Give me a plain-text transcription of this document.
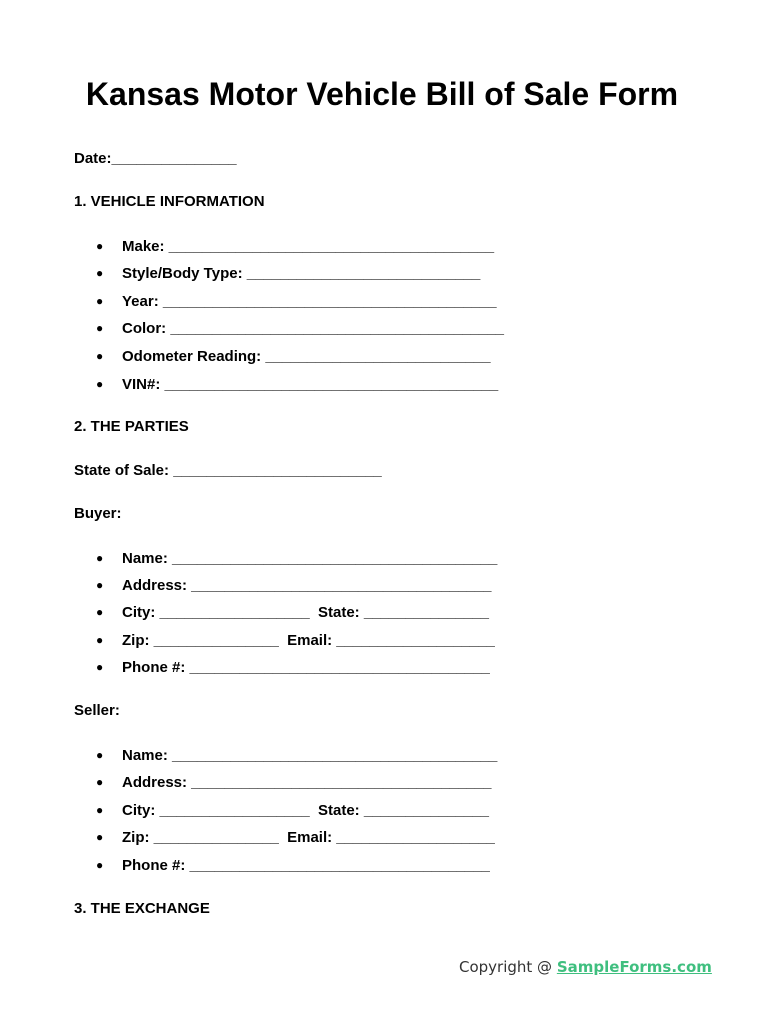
Kansas Motor Vehicle Bill of Sale Form
Date:_______________
1. VEHICLE INFORMATION
● Make: _______________________________________
● Style/Body Type: ____________________________
● Year: ________________________________________
● Color: ________________________________________
● Odometer Reading: ___________________________
● VIN#: ________________________________________
2. THE PARTIES
State of Sale: _________________________
Buyer:
● Name: _______________________________________
● Address: ____________________________________
● City: __________________  State: _______________
● Zip: _______________  Email: ___________________
● Phone #: ____________________________________
Seller:
● Name: _______________________________________
● Address: ____________________________________
● City: __________________  State: _______________
● Zip: _______________  Email: ___________________
● Phone #: ____________________________________
3. THE EXCHANGE
Copyright @ SampleForms.com
